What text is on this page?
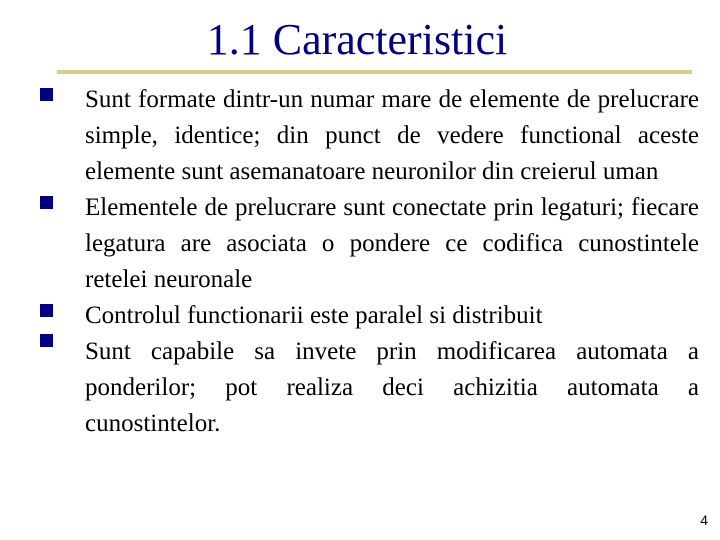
1.1 Caracteristici
Sunt formate dintr-un numar mare de elemente de prelucrare simple, identice; din punct de vedere functional aceste elemente sunt asemanatoare neuronilor din creierul uman
Elementele de prelucrare sunt conectate prin legaturi; fiecare legatura are asociata o pondere ce codifica cunostintele retelei neuronale
Controlul functionarii este paralel si distribuit
Sunt capabile sa invete prin modificarea automata a ponderilor; pot realiza deci achizitia automata a cunostintelor.
4
